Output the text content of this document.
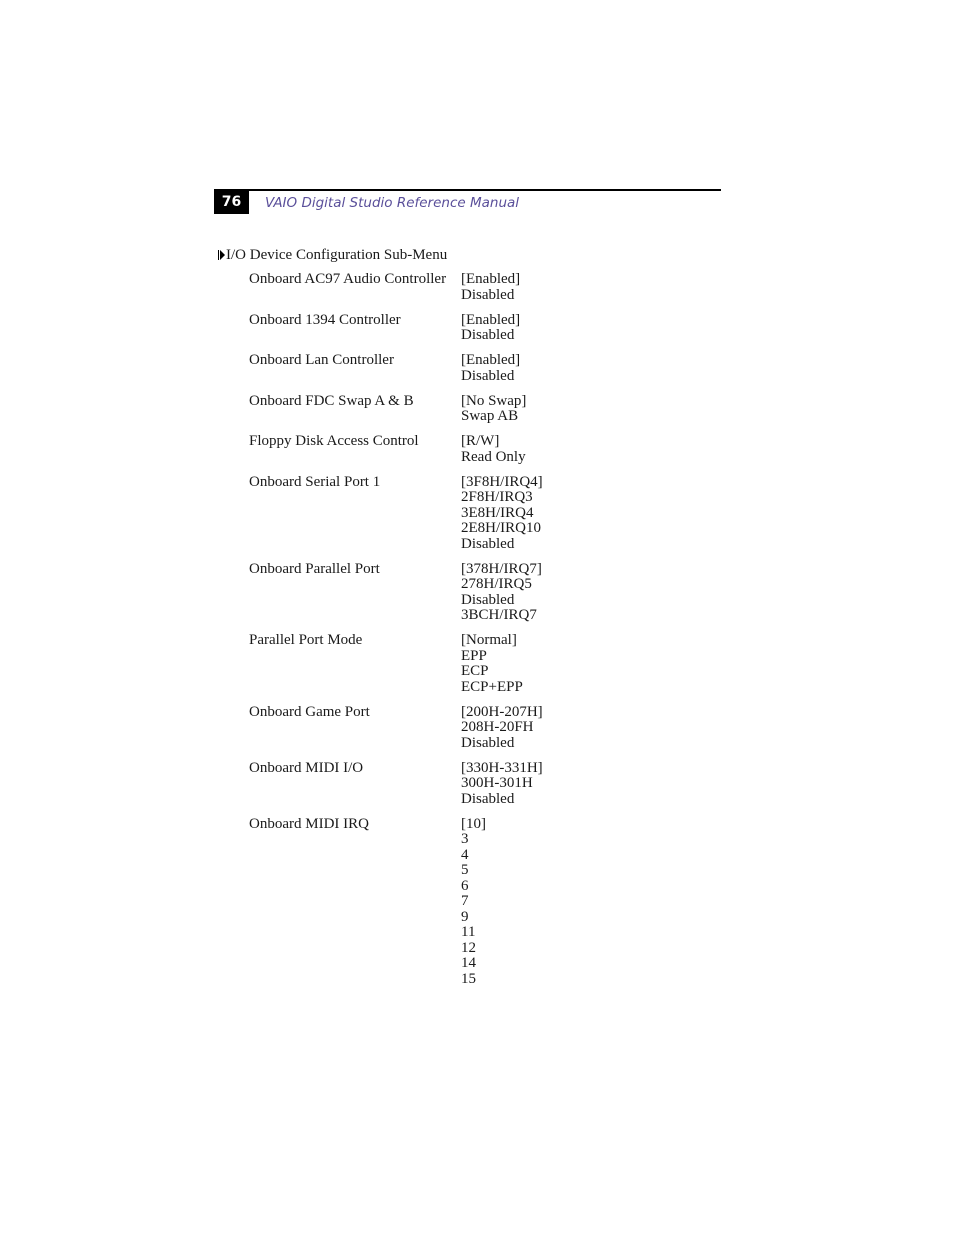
76	VAIO Digital Studio Reference Manual
I/O Device Configuration Sub-Menu
Onboard AC97 Audio Controller [Enabled]
Disabled
Onboard 1394 Controller	[Enabled]
Disabled
Onboard Lan Controller	[Enabled]
Disabled
Onboard FDC Swap A & B	[No Swap]
Swap AB
Floppy Disk Access Control	[R/W]
Read Only
Onboard Serial Port 1	[3F8H/IRQ4]
2F8H/IRQ3
3E8H/IRQ4
2E8H/IRQ10
Disabled
Onboard Parallel Port	[378H/IRQ7]
278H/IRQ5
Disabled
3BCH/IRQ7
Parallel Port Mode	[Normal]
EPP
ECP
ECP+EPP
Onboard Game Port	[200H-207H]
208H-20FH
Disabled
Onboard MIDI I/O	[330H-331H]
300H-301H
Disabled
Onboard MIDI IRQ	[10]
3
4
5
6
7
9
11
12
14
15
